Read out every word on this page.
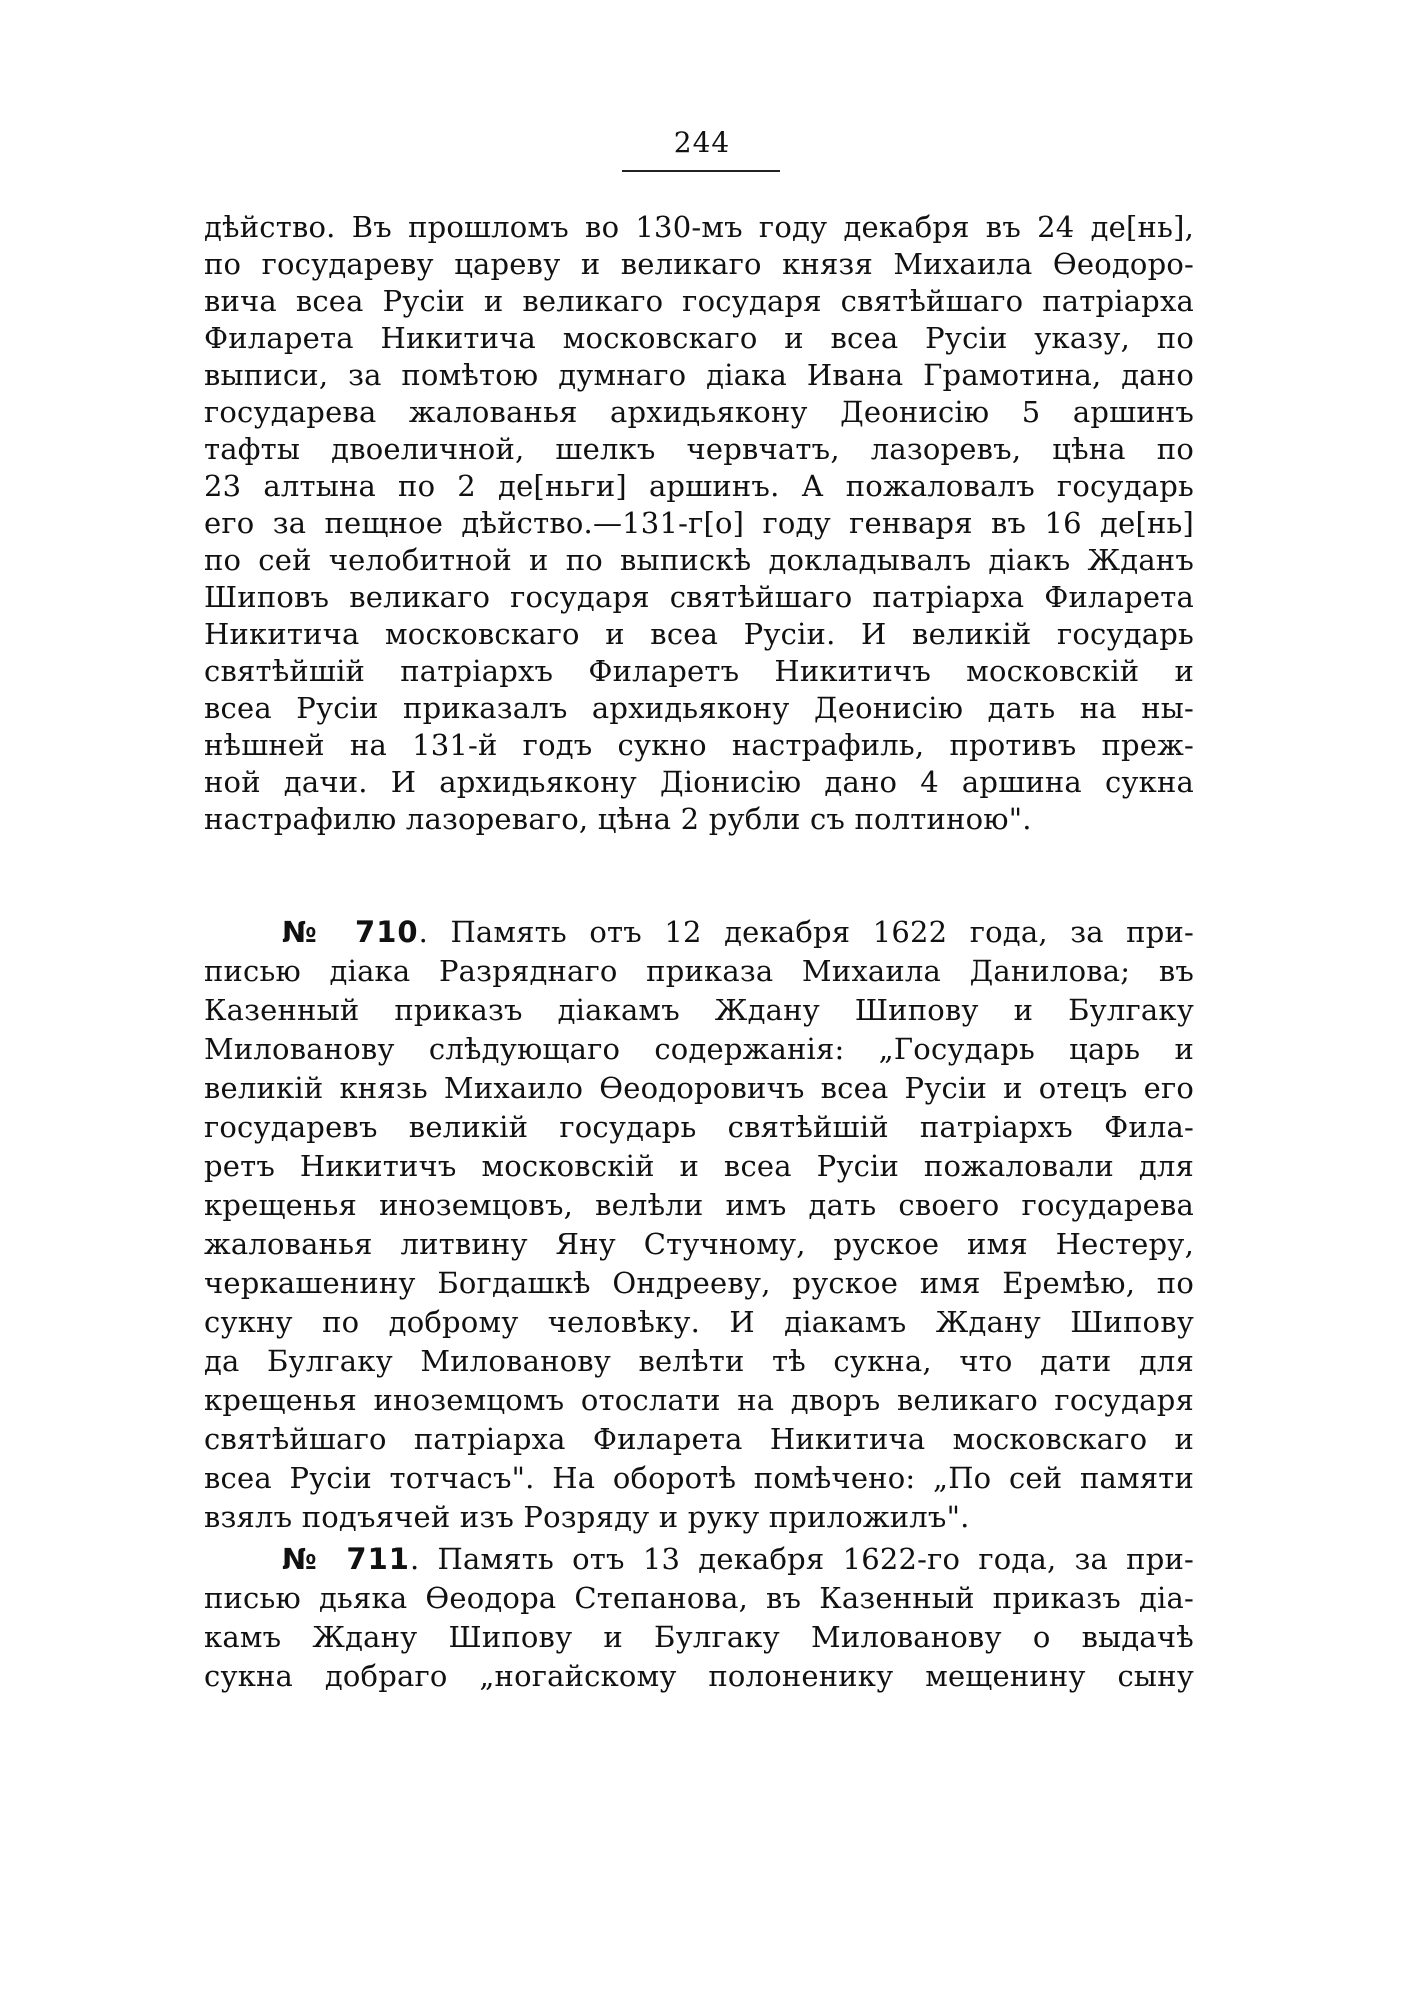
244
дѣйство. Въ прошломъ во 130-мъ году декабря въ 24 де[нь],
по государеву цареву и великаго князя Михаила Ѳеодоро-
вича всеа Русіи и великаго государя святѣйшаго патріарха
Филарета Никитича московскаго и всеа Русіи указу, по
выписи, за помѣтою думнаго діака Ивана Грамотина, дано
государева жалованья архидьякону Деонисію 5 аршинъ
тафты двоеличной, шелкъ червчатъ, лазоревъ, цѣна по
23 алтына по 2 де[ньги] аршинъ. А пожаловалъ государь
его за пещное дѣйство.—131-г[о] году генваря въ 16 де[нь]
по сей челобитной и по выпискѣ докладывалъ діакъ Жданъ
Шиповъ великаго государя святѣйшаго патріарха Филарета
Никитича московскаго и всеа Русіи. И великій государь
святѣйшій патріархъ Филаретъ Никитичъ московскій и
всеа Русіи приказалъ архидьякону Деонисію дать на ны-
нѣшней на 131-й годъ сукно настрафиль, противъ преж-
ной дачи. И архидьякону Діонисію дано 4 аршина сукна
настрафилю лазореваго, цѣна 2 рубли съ полтиною".
№ 710. Память отъ 12 декабря 1622 года, за при-
писью діака Разряднаго приказа Михаила Данилова; въ
Казенный приказъ діакамъ Ждану Шипову и Булгаку
Милованову слѣдующаго содержанія: „Государь царь и
великій князь Михаило Ѳеодоровичъ всеа Русіи и отецъ его
государевъ великій государь святѣйшій патріархъ Фила-
ретъ Никитичъ московскій и всеа Русіи пожаловали для
крещенья иноземцовъ, велѣли имъ дать своего государева
жалованья литвину Яну Стучному, руское имя Нестеру,
черкашенину Богдашкѣ Ондрееву, руское имя Еремѣю, по
сукну по доброму человѣку. И діакамъ Ждану Шипову
да Булгаку Милованову велѣти тѣ сукна, что дати для
крещенья иноземцомъ отослати на дворъ великаго государя
святѣйшаго патріарха Филарета Никитича московскаго и
всеа Русіи тотчасъ". На оборотѣ помѣчено: „По сей памяти
взялъ подъячей изъ Розряду и руку приложилъ".
№ 711. Память отъ 13 декабря 1622-го года, за при-
писью дьяка Ѳеодора Степанова, въ Казенный приказъ діа-
камъ Ждану Шипову и Булгаку Милованову о выдачѣ
сукна добраго „ногайскому полоненику мещенину сыну
